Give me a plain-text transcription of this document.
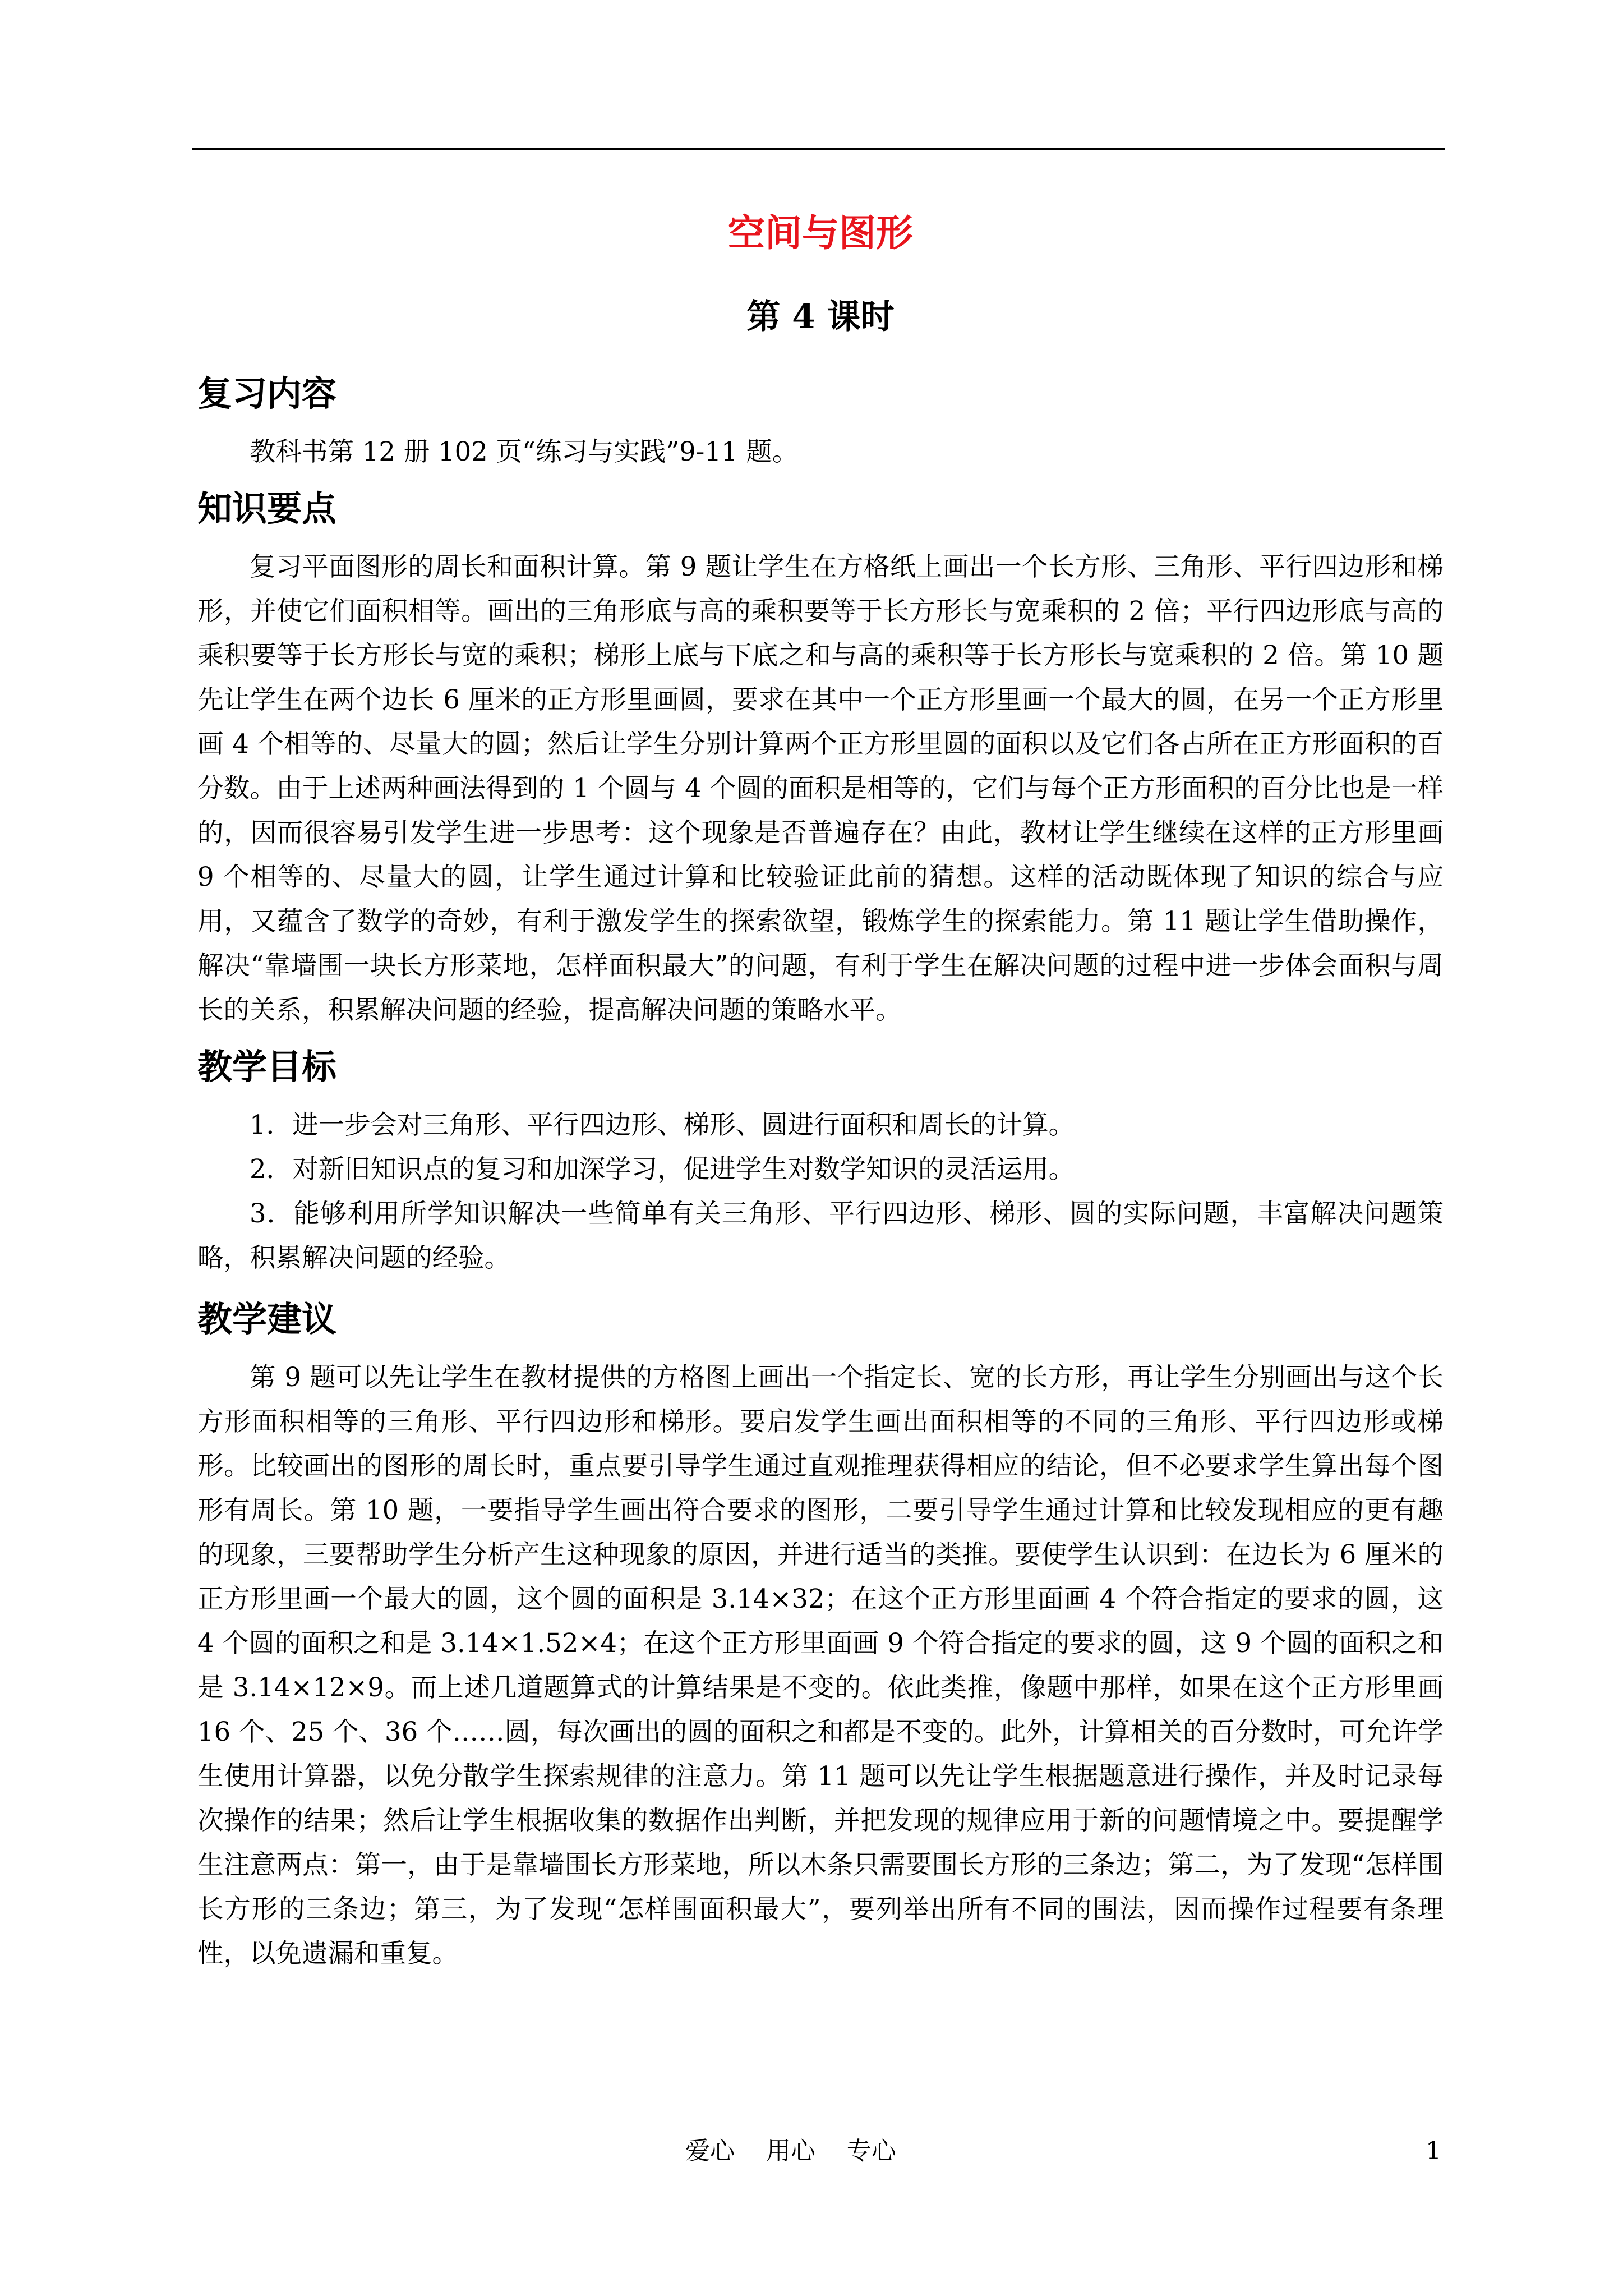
空间与图形
第 4 课时
复习内容

教科书第 12 册 102 页“练习与实践”9-11 题。

知识要点

复习平面图形的周长和面积计算。第 9 题让学生在方格纸上画出一个长方形、三角形、平行四边形和梯形，并使它们面积相等。画出的三角形底与高的乘积要等于长方形长与宽乘积的 2 倍；平行四边形底与高的乘积要等于长方形长与宽的乘积；梯形上底与下底之和与高的乘积等于长方形长与宽乘积的 2 倍。第 10 题先让学生在两个边长 6 厘米的正方形里画圆，要求在其中一个正方形里画一个最大的圆，在另一个正方形里画 4 个相等的、尽量大的圆；然后让学生分别计算两个正方形里圆的面积以及它们各占所在正方形面积的百分数。由于上述两种画法得到的 1 个圆与 4 个圆的面积是相等的，它们与每个正方形面积的百分比也是一样的，因而很容易引发学生进一步思考：这个现象是否普遍存在？由此，教材让学生继续在这样的正方形里画 9 个相等的、尽量大的圆，让学生通过计算和比较验证此前的猜想。这样的活动既体现了知识的综合与应用，又蕴含了数学的奇妙，有利于激发学生的探索欲望，锻炼学生的探索能力。第 11 题让学生借助操作，解决“靠墙围一块长方形菜地，怎样面积最大”的问题，有利于学生在解决问题的过程中进一步体会面积与周长的关系，积累解决问题的经验，提高解决问题的策略水平。

教学目标

1．进一步会对三角形、平行四边形、梯形、圆进行面积和周长的计算。

2．对新旧知识点的复习和加深学习，促进学生对数学知识的灵活运用。

3．能够利用所学知识解决一些简单有关三角形、平行四边形、梯形、圆的实际问题，丰富解决问题策略，积累解决问题的经验。

教学建议

第 9 题可以先让学生在教材提供的方格图上画出一个指定长、宽的长方形，再让学生分别画出与这个长方形面积相等的三角形、平行四边形和梯形。要启发学生画出面积相等的不同的三角形、平行四边形或梯形。比较画出的图形的周长时，重点要引导学生通过直观推理获得相应的结论，但不必要求学生算出每个图形有周长。第 10 题，一要指导学生画出符合要求的图形，二要引导学生通过计算和比较发现相应的更有趣的现象，三要帮助学生分析产生这种现象的原因，并进行适当的类推。要使学生认识到：在边长为 6 厘米的正方形里画一个最大的圆，这个圆的面积是 3.14×32；在这个正方形里面画 4 个符合指定的要求的圆，这 4 个圆的面积之和是 3.14×1.52×4；在这个正方形里面画 9 个符合指定的要求的圆，这 9 个圆的面积之和是 3.14×12×9。而上述几道题算式的计算结果是不变的。依此类推，像题中那样，如果在这个正方形里画 16 个、25 个、36 个……圆，每次画出的圆的面积之和都是不变的。此外，计算相关的百分数时，可允许学生使用计算器，以免分散学生探索规律的注意力。第 11 题可以先让学生根据题意进行操作，并及时记录每次操作的结果；然后让学生根据收集的数据作出判断，并把发现的规律应用于新的问题情境之中。要提醒学生注意两点：第一，由于是靠墙围长方形菜地，所以木条只需要围长方形的三条边；第二，为了发现“怎样围长方形的三条边；第三，为了发现“怎样围面积最大”，要列举出所有不同的围法，因而操作过程要有条理性，以免遗漏和重复。

爱心    用心    专心	1
